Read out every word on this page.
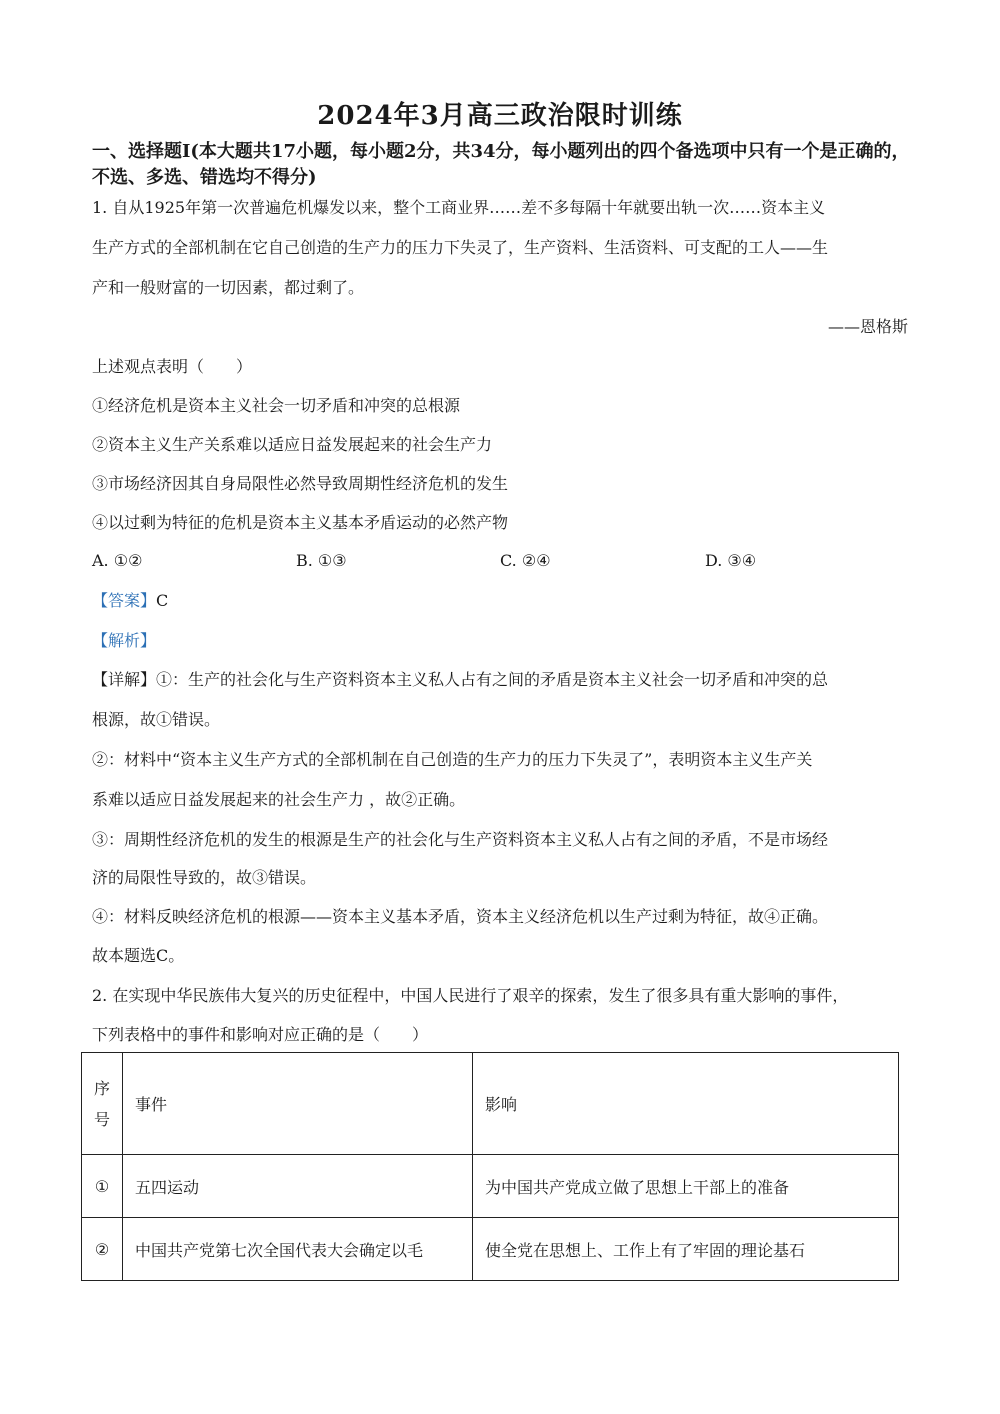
2024年3月高三政治限时训练
一、选择题Ⅰ(本大题共17小题，每小题2分，共34分，每小题列出的四个备选项中只有一个是正确的，不选、多选、错选均不得分)
1. 自从1925年第一次普遍危机爆发以来，整个工商业界……差不多每隔十年就要出轨一次……资本主义
生产方式的全部机制在它自己创造的生产力的压力下失灵了，生产资料、生活资料、可支配的工人——生
产和一般财富的一切因素，都过剩了。
——恩格斯
上述观点表明（　　）
①经济危机是资本主义社会一切矛盾和冲突的总根源
②资本主义生产关系难以适应日益发展起来的社会生产力
③市场经济因其自身局限性必然导致周期性经济危机的发生
④以过剩为特征的危机是资本主义基本矛盾运动的必然产物
A. ①②	B. ①③	C. ②④	D. ③④
【答案】C
【解析】
【详解】①：生产的社会化与生产资料资本主义私人占有之间的矛盾是资本主义社会一切矛盾和冲突的总
根源，故①错误。
②：材料中“资本主义生产方式的全部机制在自己创造的生产力的压力下失灵了”，表明资本主义生产关
系难以适应日益发展起来的社会生产力 ，故②正确。
③：周期性经济危机的发生的根源是生产的社会化与生产资料资本主义私人占有之间的矛盾，不是市场经
济的局限性导致的，故③错误。
④：材料反映经济危机的根源——资本主义基本矛盾，资本主义经济危机以生产过剩为特征，故④正确。
故本题选C。
2. 在实现中华民族伟大复兴的历史征程中，中国人民进行了艰辛的探索，发生了很多具有重大影响的事件，
下列表格中的事件和影响对应正确的是（　　）
序号	事件	影响
①	五四运动	为中国共产党成立做了思想上干部上的准备
②	中国共产党第七次全国代表大会确定以毛	使全党在思想上、工作上有了牢固的理论基石
